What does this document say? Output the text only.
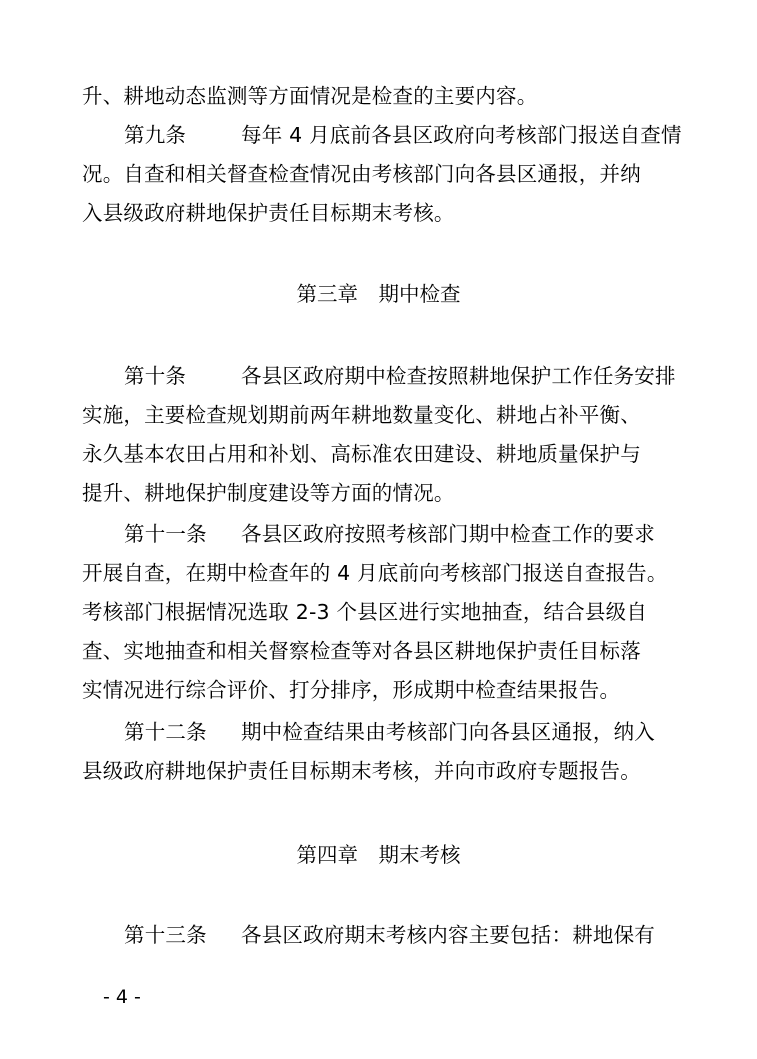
升、耕地动态监测等方面情况是检查的主要内容。
第九条	每年 4 月底前各县区政府向考核部门报送自查情
况。自查和相关督查检查情况由考核部门向各县区通报，并纳
入县级政府耕地保护责任目标期末考核。
第三章　期中检查
第十条	各县区政府期中检查按照耕地保护工作任务安排
实施，主要检查规划期前两年耕地数量变化、耕地占补平衡、
永久基本农田占用和补划、高标准农田建设、耕地质量保护与
提升、耕地保护制度建设等方面的情况。
第十一条 各县区政府按照考核部门期中检查工作的要求
开展自查，在期中检查年的 4 月底前向考核部门报送自查报告。
考核部门根据情况选取 2-3 个县区进行实地抽查，结合县级自
查、实地抽查和相关督察检查等对各县区耕地保护责任目标落
实情况进行综合评价、打分排序，形成期中检查结果报告。
第十二条 期中检查结果由考核部门向各县区通报，纳入
县级政府耕地保护责任目标期末考核，并向市政府专题报告。
第四章　期末考核
第十三条 各县区政府期末考核内容主要包括：耕地保有
- 4 -
